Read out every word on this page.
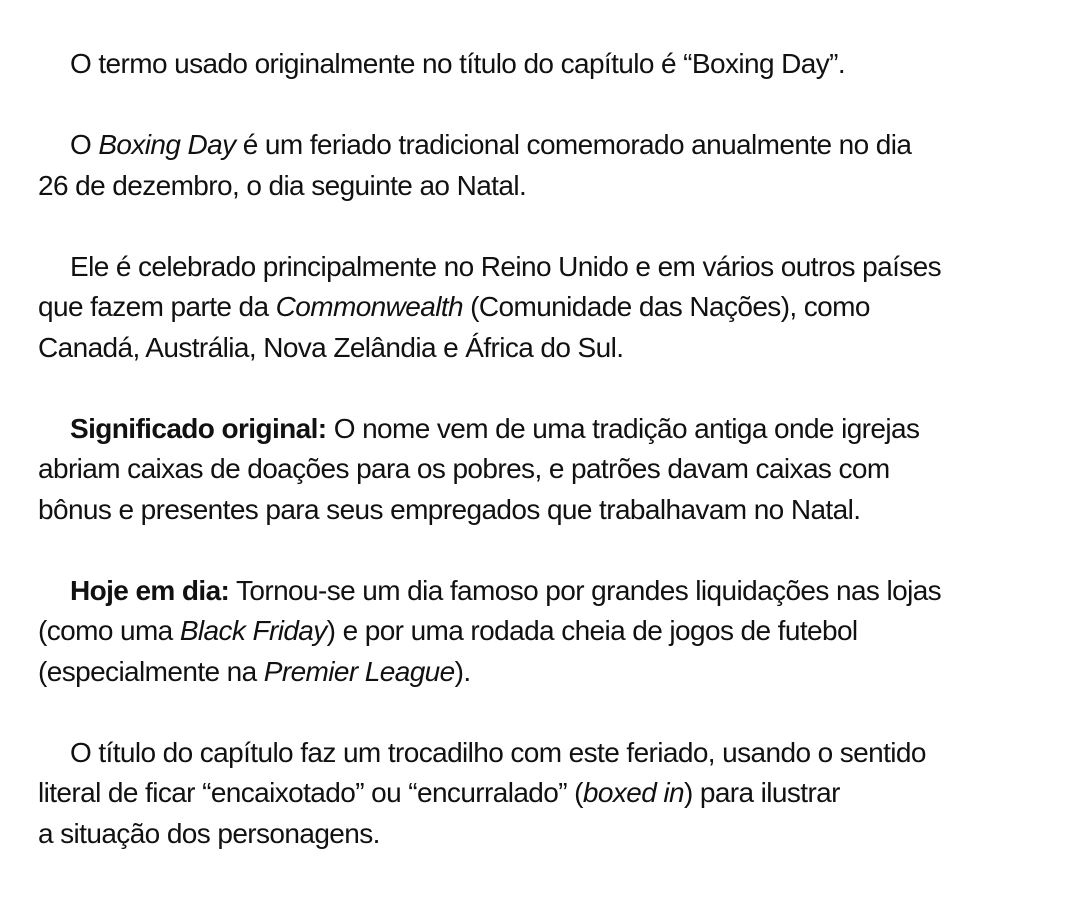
O termo usado originalmente no título do capítulo é “Boxing Day”.

O Boxing Day é um feriado tradicional comemorado anualmente no dia
26 de dezembro, o dia seguinte ao Natal.

Ele é celebrado principalmente no Reino Unido e em vários outros países
que fazem parte da Commonwealth (Comunidade das Nações), como
Canadá, Austrália, Nova Zelândia e África do Sul.

Significado original: O nome vem de uma tradição antiga onde igrejas
abriam caixas de doações para os pobres, e patrões davam caixas com
bônus e presentes para seus empregados que trabalhavam no Natal.

Hoje em dia: Tornou-se um dia famoso por grandes liquidações nas lojas
(como uma Black Friday) e por uma rodada cheia de jogos de futebol
(especialmente na Premier League).

O título do capítulo faz um trocadilho com este feriado, usando o sentido
literal de ficar “encaixotado” ou “encurralado” (boxed in) para ilustrar
a situação dos personagens.
